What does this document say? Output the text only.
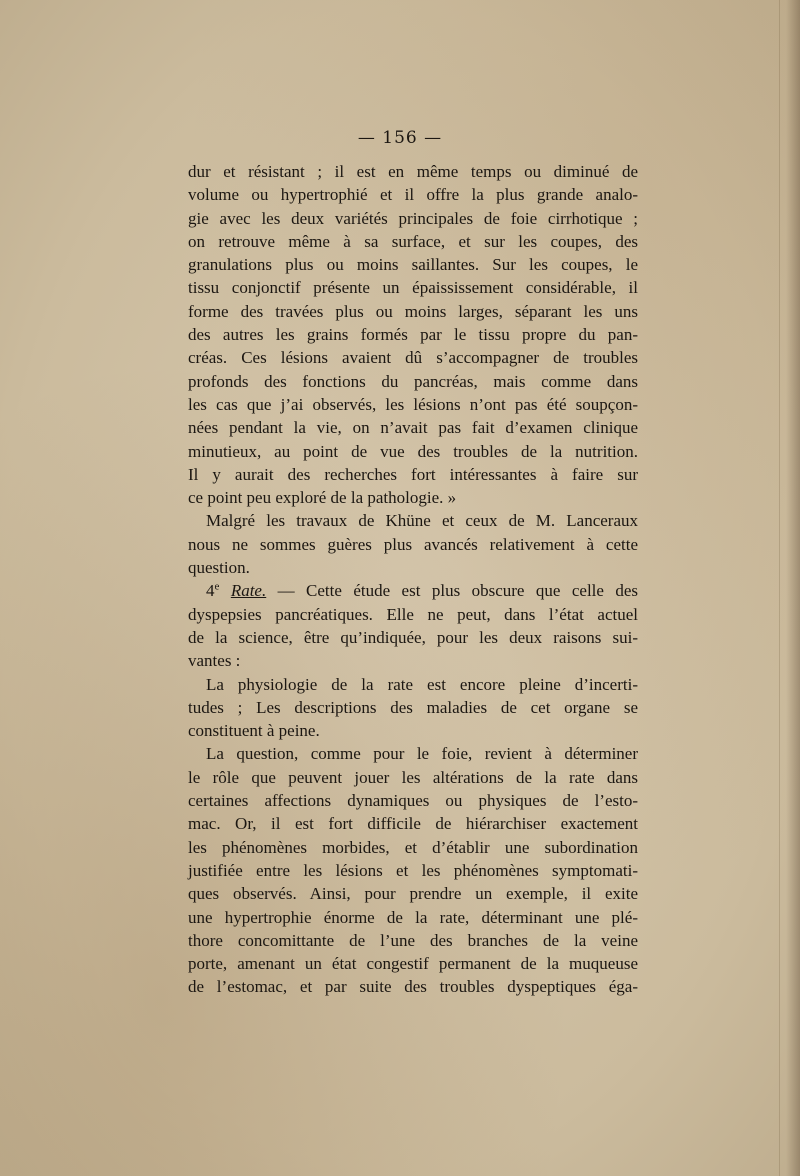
— 156 —
dur et résistant ; il est en même temps ou diminué de
volume ou hypertrophié et il offre la plus grande analo-
gie avec les deux variétés principales de foie cirrhotique ;
on retrouve même à sa surface, et sur les coupes, des
granulations plus ou moins saillantes. Sur les coupes, le
tissu conjonctif présente un épaississement considérable, il
forme des travées plus ou moins larges, séparant les uns
des autres les grains formés par le tissu propre du pan-
créas. Ces lésions avaient dû s’accompagner de troubles
profonds des fonctions du pancréas, mais comme dans
les cas que j’ai observés, les lésions n’ont pas été soupçon-
nées pendant la vie, on n’avait pas fait d’examen clinique
minutieux, au point de vue des troubles de la nutrition.
Il y aurait des recherches fort intéressantes à faire sur
ce point peu exploré de la pathologie. »
Malgré les travaux de Khüne et ceux de M. Lanceraux
nous ne sommes guères plus avancés relativement à cette
question.
4e Rate. — Cette étude est plus obscure que celle des
dyspepsies pancréatiques. Elle ne peut, dans l’état actuel
de la science, être qu’indiquée, pour les deux raisons sui-
vantes :
La physiologie de la rate est encore pleine d’incerti-
tudes ; Les descriptions des maladies de cet organe se
constituent à peine.
La question, comme pour le foie, revient à déterminer
le rôle que peuvent jouer les altérations de la rate dans
certaines affections dynamiques ou physiques de l’esto-
mac. Or, il est fort difficile de hiérarchiser exactement
les phénomènes morbides, et d’établir une subordination
justifiée entre les lésions et les phénomènes symptomati-
ques observés. Ainsi, pour prendre un exemple, il exite
une hypertrophie énorme de la rate, déterminant une plé-
thore concomittante de l’une des branches de la veine
porte, amenant un état congestif permanent de la muqueuse
de l’estomac, et par suite des troubles dyspeptiques éga-
